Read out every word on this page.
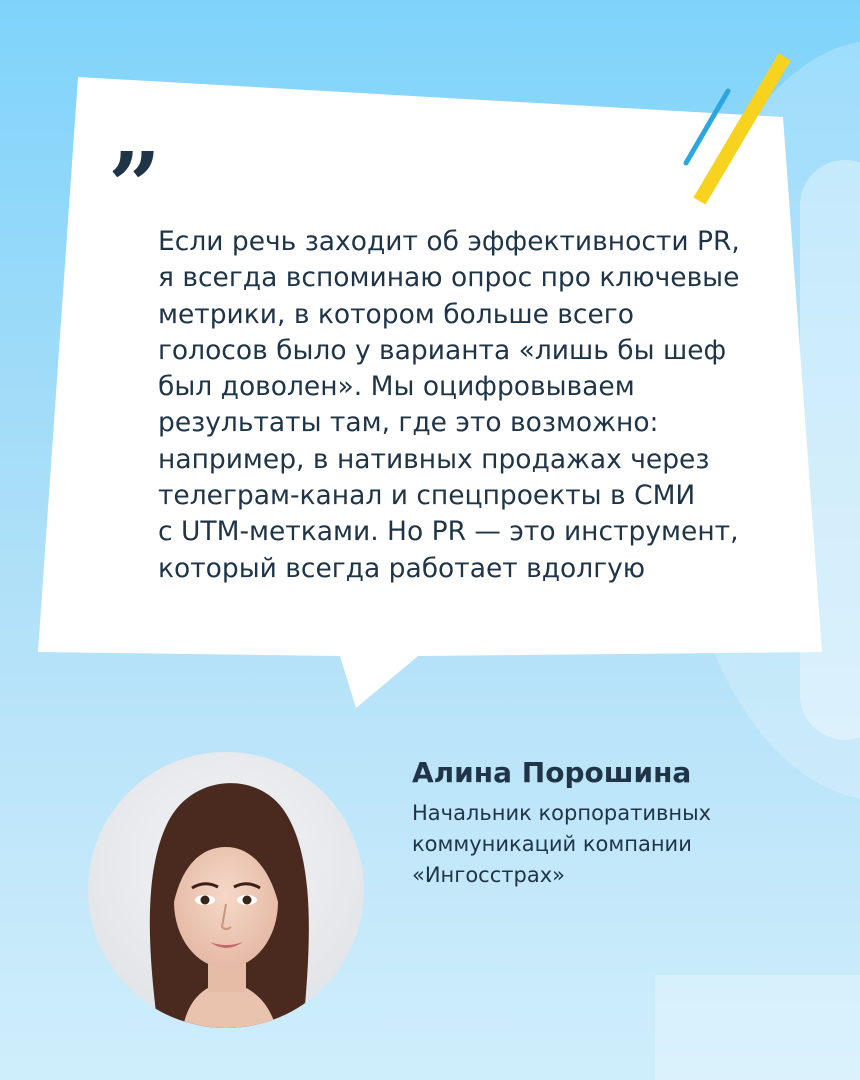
”
Если речь заходит об эффективности PR,
я всегда вспоминаю опрос про ключевые
метрики, в котором больше всего
голосов было у варианта «лишь бы шеф
был доволен». Мы оцифровываем
результаты там, где это возможно:
например, в нативных продажах через
телеграм-канал и спецпроекты в СМИ
с UTM-метками. Но PR — это инструмент,
который всегда работает вдолгую
Алина Порошина
Начальник корпоративных
коммуникаций компании
«Ингосстрах»
